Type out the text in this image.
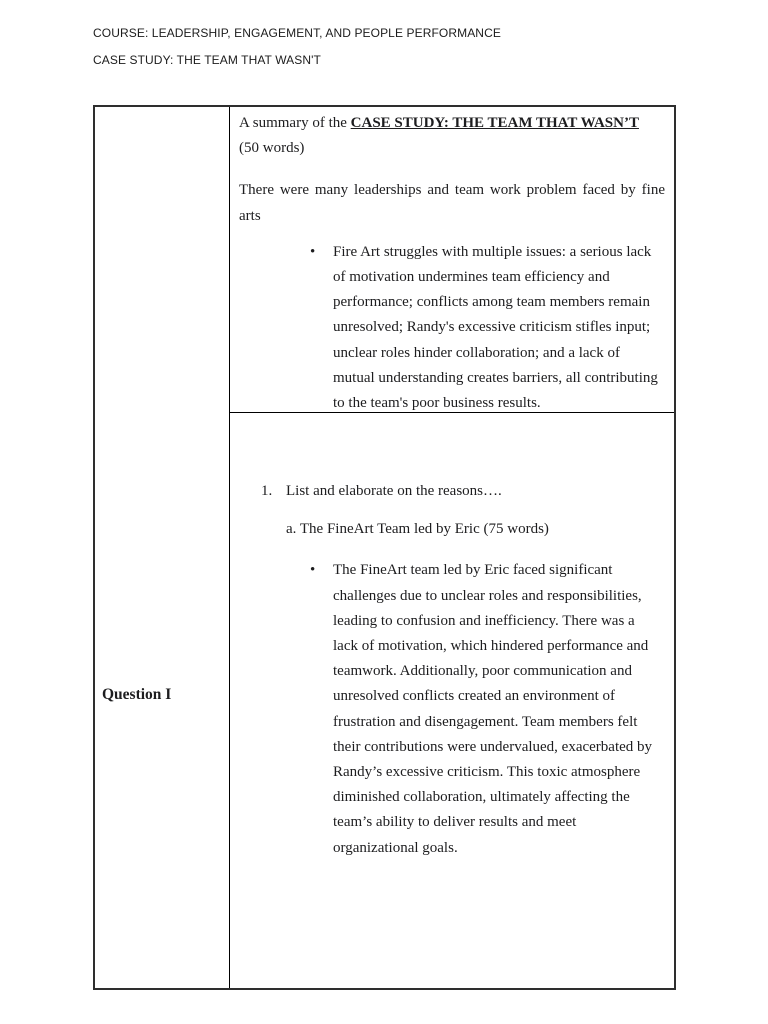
COURSE: LEADERSHIP, ENGAGEMENT, AND PEOPLE PERFORMANCE
CASE STUDY: THE TEAM THAT WASN'T
Question I
A summary of the CASE STUDY: THE TEAM THAT WASN’T
(50 words)
There were many leaderships and team work problem faced by fine
arts
•	Fire Art struggles with multiple issues: a serious lack
of motivation undermines team efficiency and
performance; conflicts among team members remain
unresolved; Randy's excessive criticism stifles input;
unclear roles hinder collaboration; and a lack of
mutual understanding creates barriers, all contributing
to the team's poor business results.
1. List and elaborate on the reasons….
a. The FineArt Team led by Eric (75 words)
•	The FineArt team led by Eric faced significant
challenges due to unclear roles and responsibilities,
leading to confusion and inefficiency. There was a
lack of motivation, which hindered performance and
teamwork. Additionally, poor communication and
unresolved conflicts created an environment of
frustration and disengagement. Team members felt
their contributions were undervalued, exacerbated by
Randy’s excessive criticism. This toxic atmosphere
diminished collaboration, ultimately affecting the
team’s ability to deliver results and meet
organizational goals.
